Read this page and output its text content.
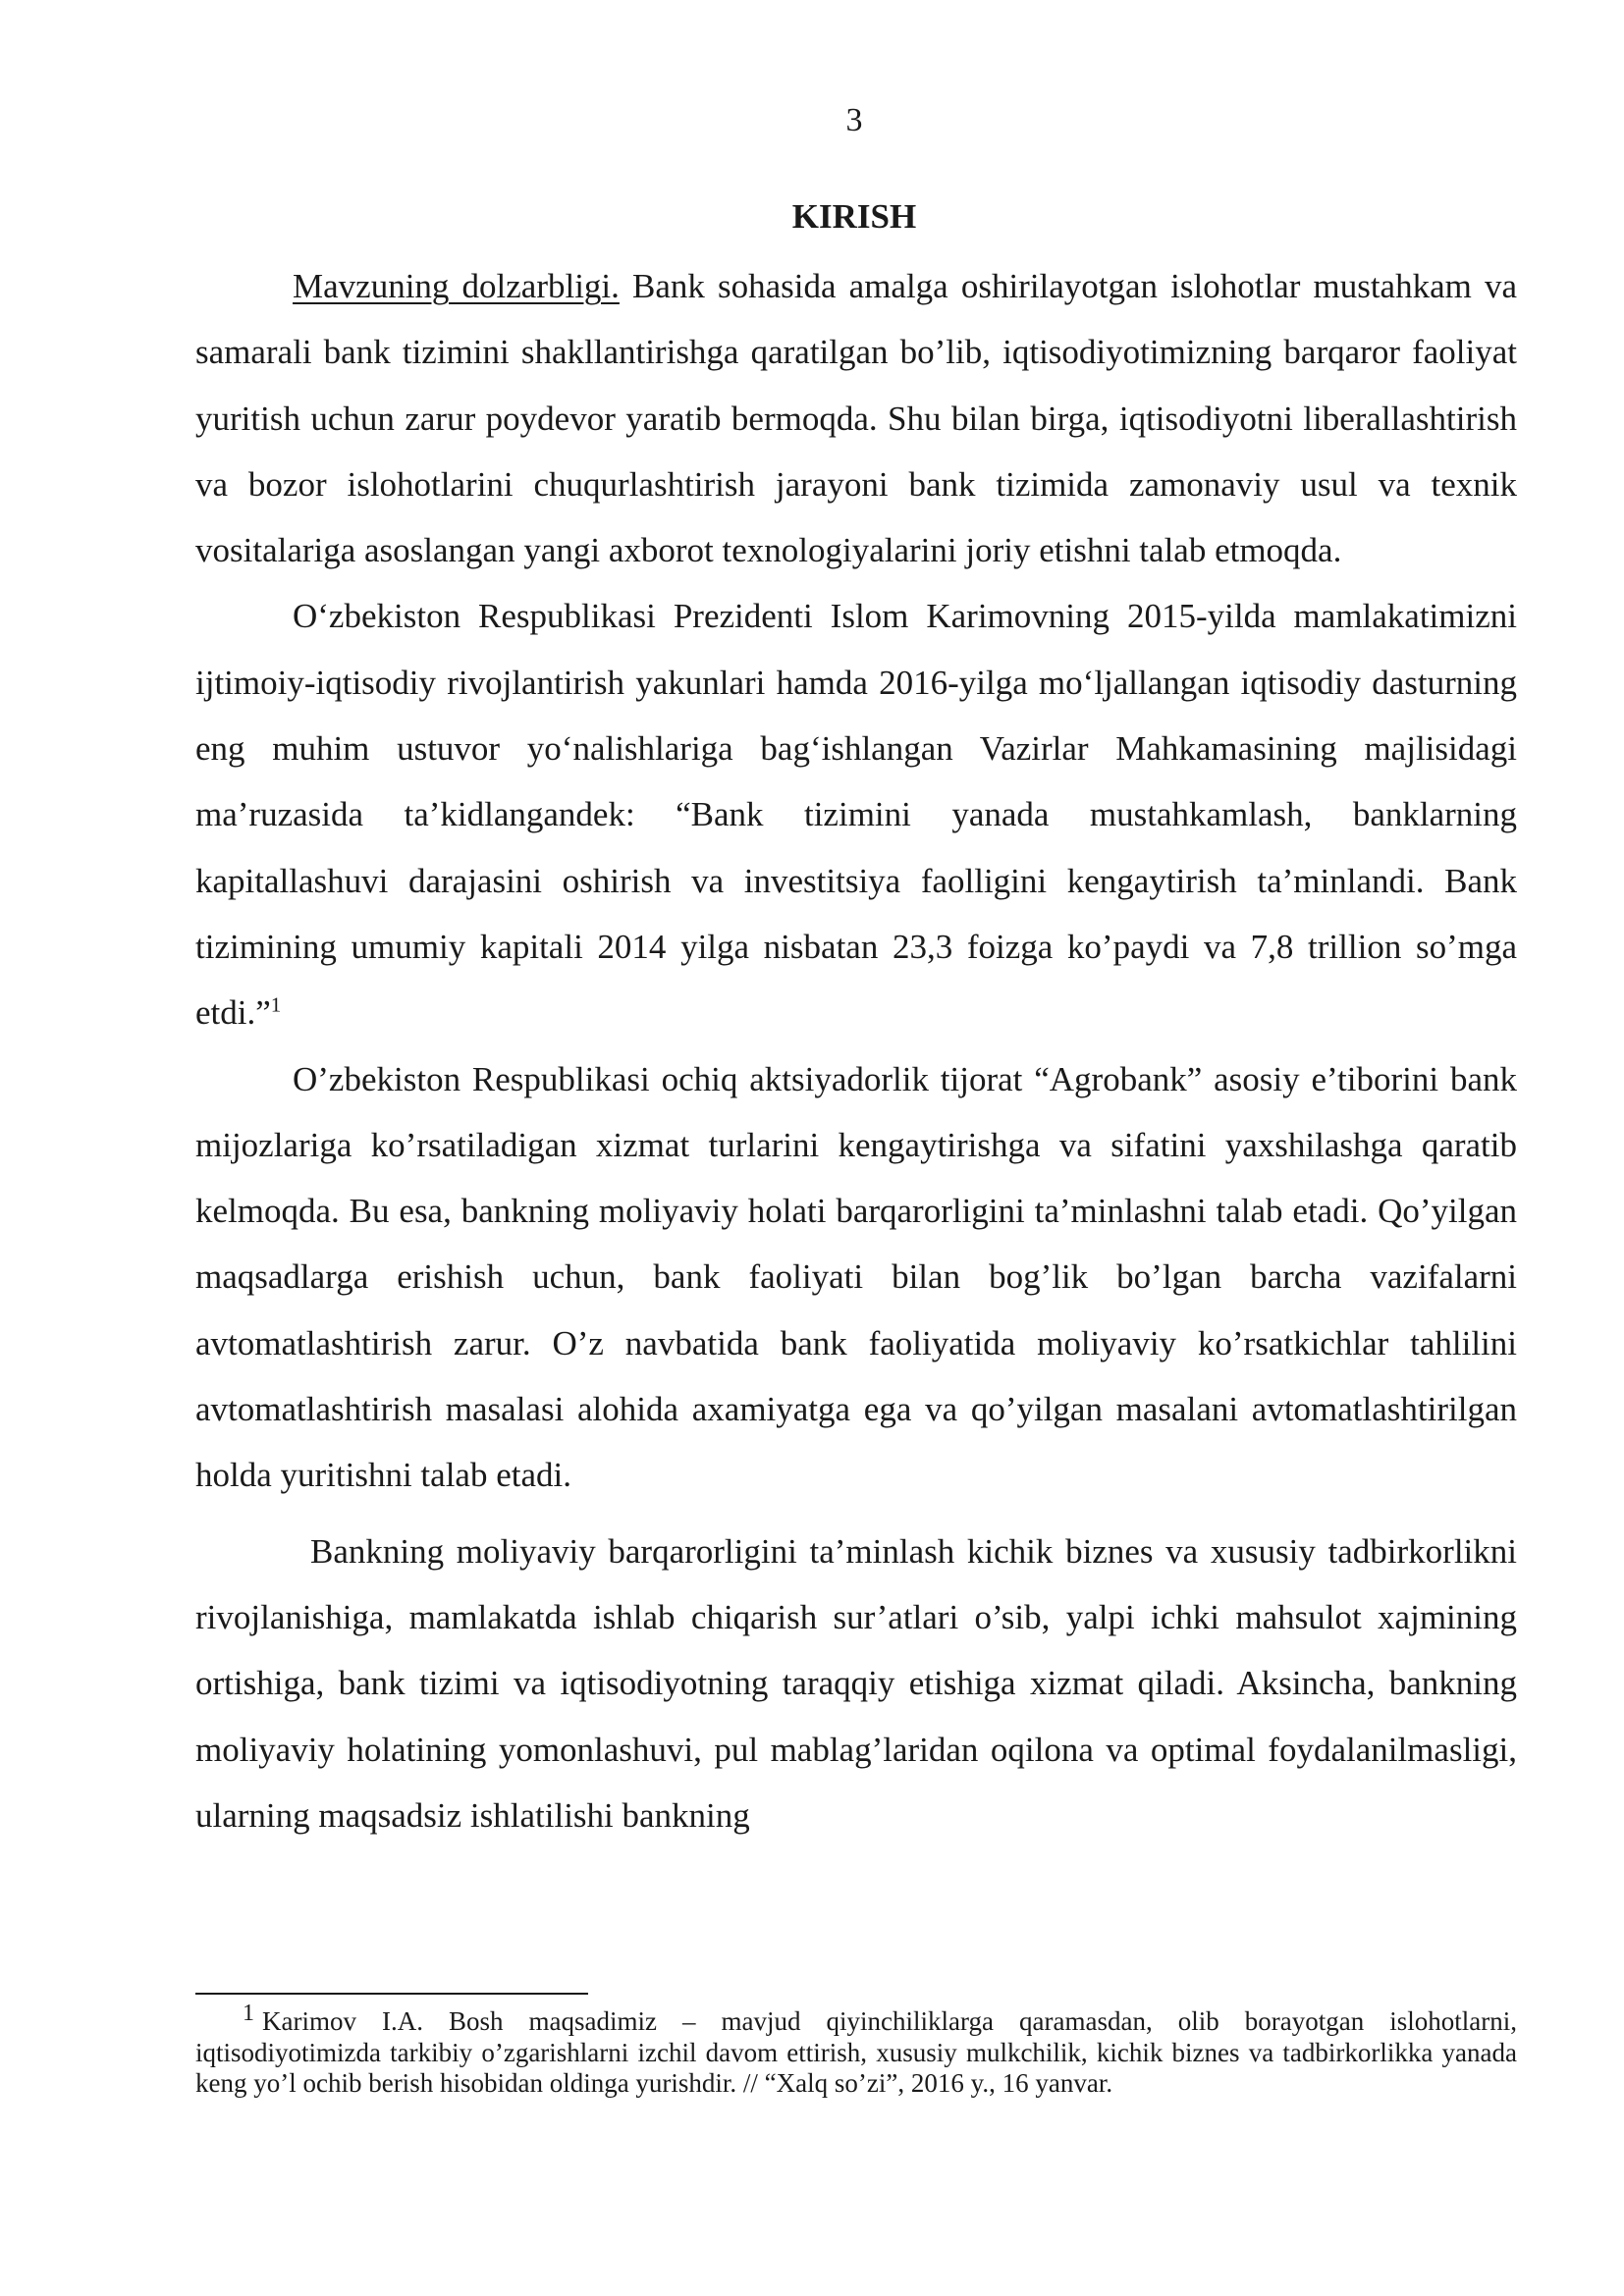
3

KIRISH

Mavzuning dolzarbligi. Bank sohasida amalga oshirilayotgan islohotlar mustahkam va samarali bank tizimini shakllantirishga qaratilgan bo’lib, iqtisodiyotimizning barqaror faoliyat yuritish uchun zarur poydevor yaratib bermoqda. Shu bilan birga, iqtisodiyotni liberallashtirish va bozor islohotlarini chuqurlashtirish jarayoni bank tizimida zamonaviy usul va texnik vositalariga asoslangan yangi axborot texnologiyalarini joriy etishni talab etmoqda.

O‘zbekiston Respublikasi Prezidenti Islom Karimovning 2015-yilda mamlakatimizni ijtimoiy-iqtisodiy rivojlantirish yakunlari hamda 2016-yilga mo‘ljallangan iqtisodiy dasturning eng muhim ustuvor yo‘nalishlariga bag‘ishlangan Vazirlar Mahkamasining majlisidagi ma’ruzasida ta’kidlangandek: “Bank tizimini yanada mustahkamlash, banklarning kapitallashuvi darajasini oshirish va investitsiya faolligini kengaytirish ta’minlandi. Bank tizimining umumiy kapitali 2014 yilga nisbatan 23,3 foizga ko’paydi va 7,8 trillion so’mga etdi.”$^1$

O’zbekiston Respublikasi ochiq aktsiyadorlik tijorat “Agrobank” asosiy e’tiborini bank mijozlariga ko’rsatiladigan xizmat turlarini kengaytirishga va sifatini yaxshilashga qaratib kelmoqda. Bu esa, bankning moliyaviy holati barqarorligini ta’minlashni talab etadi. Qo’yilgan maqsadlarga erishish uchun, bank faoliyati bilan bog’lik bo’lgan barcha vazifalarni avtomatlashtirish zarur. O’z navbatida bank faoliyatida moliyaviy ko’rsatkichlar tahlilini avtomatlashtirish masalasi alohida axamiyatga ega va qo’yilgan masalani avtomatlashtirilgan holda yuritishni talab etadi.

Bankning moliyaviy barqarorligini ta’minlash kichik biznes va xususiy tadbirkorlikni rivojlanishiga, mamlakatda ishlab chiqarish sur’atlari o’sib, yalpi ichki mahsulot xajmining ortishiga, bank tizimi va iqtisodiyotning taraqqiy etishiga xizmat qiladi. Aksincha, bankning moliyaviy holatining yomonlashuvi, pul mablag’laridan oqilona va optimal foydalanilmasligi, ularning maqsadsiz ishlatilishi bankning

$^1$ Karimov I.A. Bosh maqsadimiz – mavjud qiyinchiliklarga qaramasdan, olib borayotgan islohotlarni, iqtisodiyotimizda tarkibiy o’zgarishlarni izchil davom ettirish, xususiy mulkchilik, kichik biznes va tadbirkorlikka yanada keng yo’l ochib berish hisobidan oldinga yurishdir. // “Xalq so’zi”, 2016 y., 16 yanvar.
